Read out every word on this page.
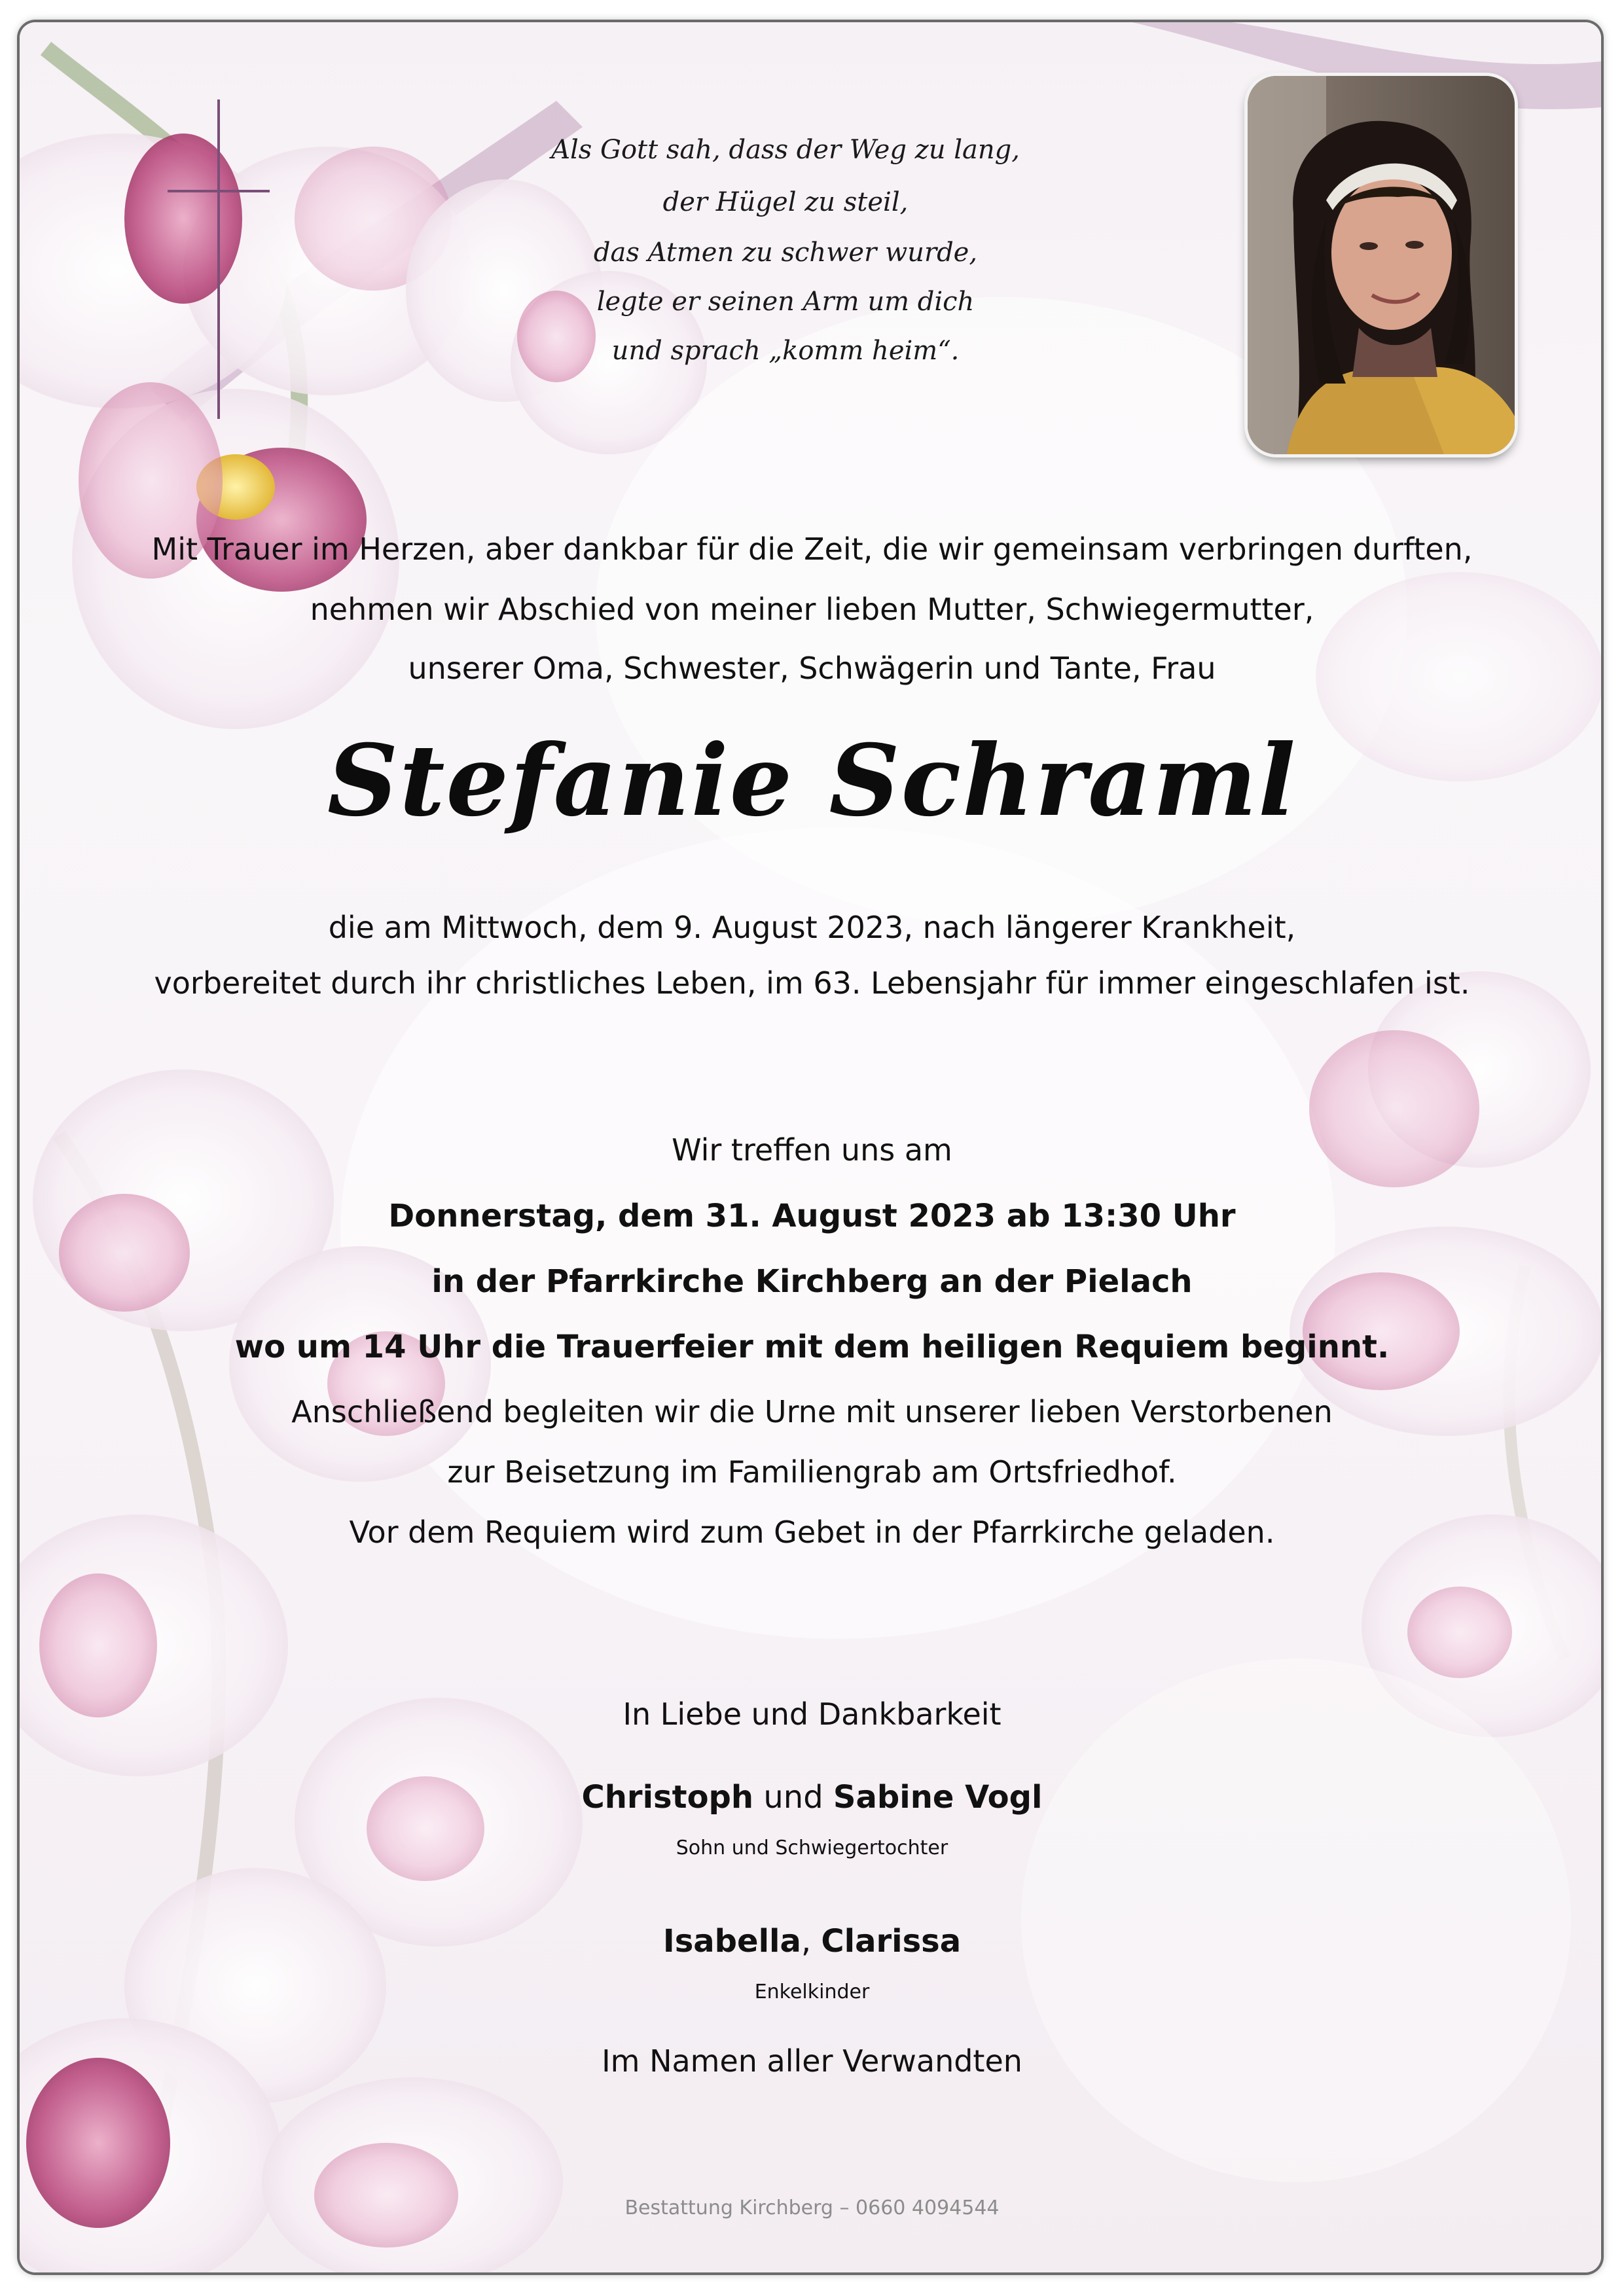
Als Gott sah, dass der Weg zu lang,
der Hügel zu steil,
das Atmen zu schwer wurde,
legte er seinen Arm um dich
und sprach „komm heim“.
Mit Trauer im Herzen, aber dankbar für die Zeit, die wir gemeinsam verbringen durften,
nehmen wir Abschied von meiner lieben Mutter, Schwiegermutter,
unserer Oma, Schwester, Schwägerin und Tante, Frau
Stefanie Schraml
die am Mittwoch, dem 9. August 2023, nach längerer Krankheit,
vorbereitet durch ihr christliches Leben, im 63. Lebensjahr für immer eingeschlafen ist.
Wir treffen uns am
Donnerstag, dem 31. August 2023 ab 13:30 Uhr
in der Pfarrkirche Kirchberg an der Pielach
wo um 14 Uhr die Trauerfeier mit dem heiligen Requiem beginnt.
Anschließend begleiten wir die Urne mit unserer lieben Verstorbenen
zur Beisetzung im Familiengrab am Ortsfriedhof.
Vor dem Requiem wird zum Gebet in der Pfarrkirche geladen.
In Liebe und Dankbarkeit
Christoph und Sabine Vogl
Sohn und Schwiegertochter
Isabella, Clarissa
Enkelkinder
Im Namen aller Verwandten
Bestattung Kirchberg – 0660 4094544
